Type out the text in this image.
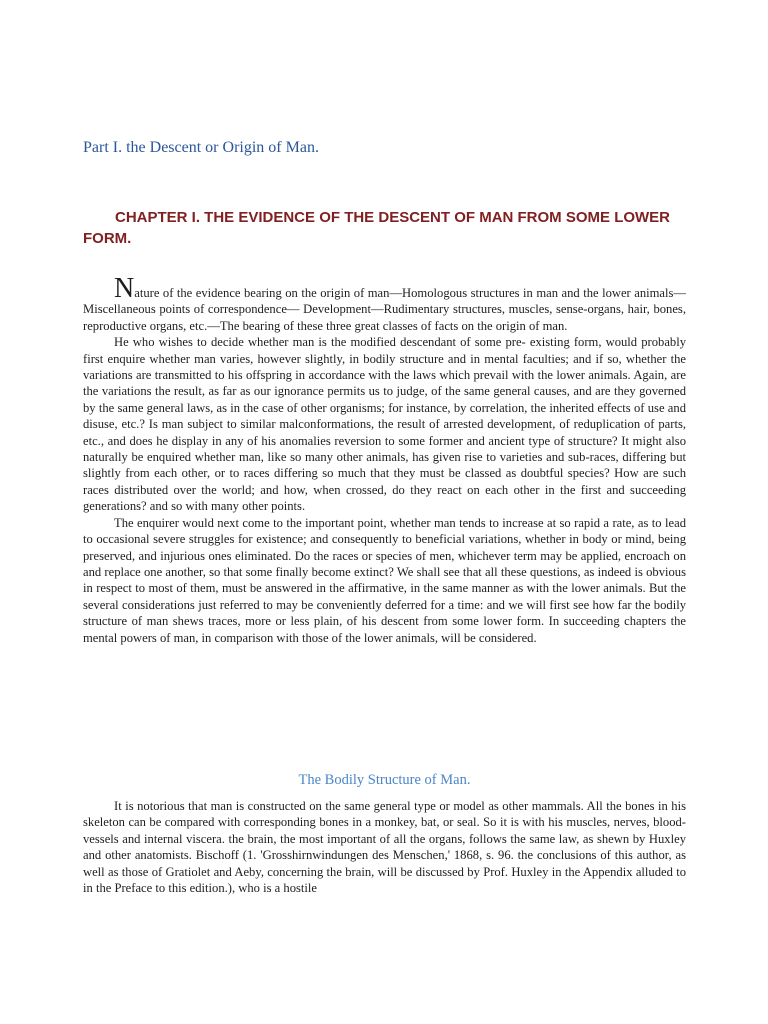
Part I. the Descent or Origin of Man.
CHAPTER I. THE EVIDENCE OF THE DESCENT OF MAN FROM SOME LOWER FORM.

Nature of the evidence bearing on the origin of man—Homologous structures in man and the lower animals—Miscellaneous points of correspondence— Development—Rudimentary structures, muscles, sense-organs, hair, bones, reproductive organs, etc.—The bearing of these three great classes of facts on the origin of man.

He who wishes to decide whether man is the modified descendant of some pre- existing form, would probably first enquire whether man varies, however slightly, in bodily structure and in mental faculties; and if so, whether the variations are transmitted to his offspring in accordance with the laws which prevail with the lower animals. Again, are the variations the result, as far as our ignorance permits us to judge, of the same general causes, and are they governed by the same general laws, as in the case of other organisms; for instance, by correlation, the inherited effects of use and disuse, etc.? Is man subject to similar malconformations, the result of arrested development, of reduplication of parts, etc., and does he display in any of his anomalies reversion to some former and ancient type of structure? It might also naturally be enquired whether man, like so many other animals, has given rise to varieties and sub-races, differing but slightly from each other, or to races differing so much that they must be classed as doubtful species? How are such races distributed over the world; and how, when crossed, do they react on each other in the first and succeeding generations? and so with many other points.

The enquirer would next come to the important point, whether man tends to increase at so rapid a rate, as to lead to occasional severe struggles for existence; and consequently to beneficial variations, whether in body or mind, being preserved, and injurious ones eliminated. Do the races or species of men, whichever term may be applied, encroach on and replace one another, so that some finally become extinct? We shall see that all these questions, as indeed is obvious in respect to most of them, must be answered in the affirmative, in the same manner as with the lower animals. But the several considerations just referred to may be conveniently deferred for a time: and we will first see how far the bodily structure of man shews traces, more or less plain, of his descent from some lower form. In succeeding chapters the mental powers of man, in comparison with those of the lower animals, will be considered.

The Bodily Structure of Man.

It is notorious that man is constructed on the same general type or model as other mammals. All the bones in his skeleton can be compared with corresponding bones in a monkey, bat, or seal. So it is with his muscles, nerves, blood-vessels and internal viscera. the brain, the most important of all the organs, follows the same law, as shewn by Huxley and other anatomists. Bischoff (1. 'Grosshirnwindungen des Menschen,' 1868, s. 96. the conclusions of this author, as well as those of Gratiolet and Aeby, concerning the brain, will be discussed by Prof. Huxley in the Appendix alluded to in the Preface to this edition.), who is a hostile
